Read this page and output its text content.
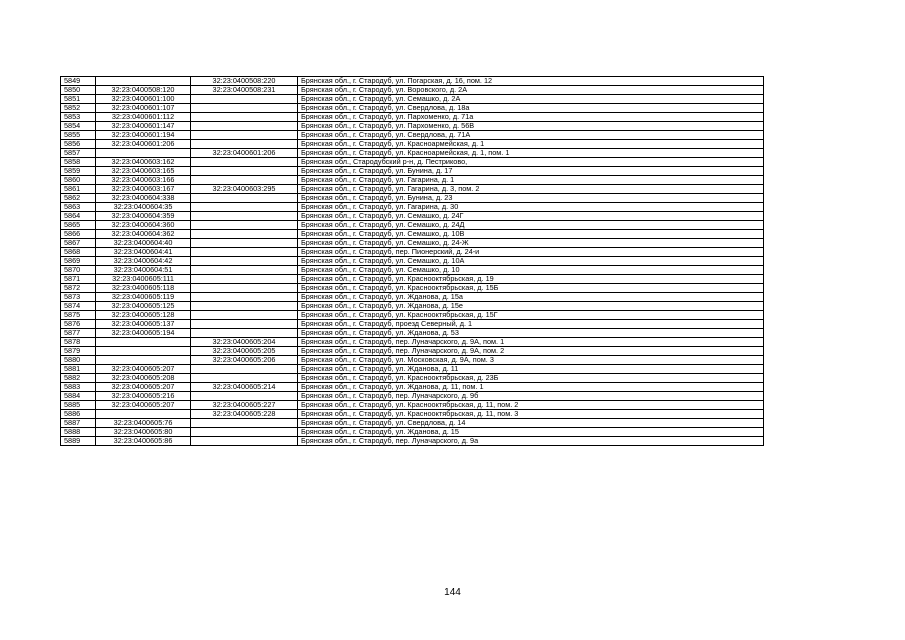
5849		32:23:0400508:220	Брянская обл., г. Стародуб, ул. Погарская, д. 16, пом. 12
5850	32:23:0400508:120	32:23:0400508:231	Брянская обл., г. Стародуб, ул. Воровского, д. 2А
5851	32:23:0400601:100		Брянская обл., г. Стародуб, ул. Семашко, д. 2А
5852	32:23:0400601:107		Брянская обл., г. Стародуб, ул. Свердлова, д. 18а
5853	32:23:0400601:112		Брянская обл., г. Стародуб, ул. Пархоменко, д. 71а
5854	32:23:0400601:147		Брянская обл., г. Стародуб, ул. Пархоменко, д. 56В
5855	32:23:0400601:194		Брянская обл., г. Стародуб, ул. Свердлова, д. 71А
5856	32:23:0400601:206		Брянская обл., г. Стародуб, ул. Красноармейская, д. 1
5857		32:23:0400601:206	Брянская обл., г. Стародуб, ул. Красноармейская, д. 1, пом. 1
5858	32:23:0400603:162		Брянская обл., Стародубский р-н, д. Пестриково,
5859	32:23:0400603:165		Брянская обл., г. Стародуб, ул. Бунина, д. 17
5860	32:23:0400603:166		Брянская обл., г. Стародуб, ул. Гагарина, д. 1
5861	32:23:0400603:167	32:23:0400603:295	Брянская обл., г. Стародуб, ул. Гагарина, д. 3, пом. 2
5862	32:23:0400604:338		Брянская обл., г. Стародуб, ул. Бунина, д. 23
5863	32:23:0400604:35		Брянская обл., г. Стародуб, ул. Гагарина, д. 30
5864	32:23:0400604:359		Брянская обл., г. Стародуб, ул. Семашко, д. 24Г
5865	32:23:0400604:360		Брянская обл., г. Стародуб, ул. Семашко, д. 24Д
5866	32:23:0400604:362		Брянская обл., г. Стародуб, ул. Семашко, д. 10В
5867	32:23:0400604:40		Брянская обл., г. Стародуб, ул. Семашко, д. 24-Ж
5868	32:23:0400604:41		Брянская обл., г. Стародуб, пер. Пионерский, д. 24-и
5869	32:23:0400604:42		Брянская обл., г. Стародуб, ул. Семашко, д. 10А
5870	32:23:0400604:51		Брянская обл., г. Стародуб, ул. Семашко, д. 10
5871	32:23:0400605:111		Брянская обл., г. Стародуб, ул. Краснооктябрьская, д. 19
5872	32:23:0400605:118		Брянская обл., г. Стародуб, ул. Краснооктябрьская, д. 15Б
5873	32:23:0400605:119		Брянская обл., г. Стародуб, ул. Жданова, д. 15а
5874	32:23:0400605:125		Брянская обл., г. Стародуб, ул. Жданова, д. 15е
5875	32:23:0400605:128		Брянская обл., г. Стародуб, ул. Краснооктябрьская, д. 15Г
5876	32:23:0400605:137		Брянская обл., г. Стародуб, проезд Северный, д. 1
5877	32:23:0400605:194		Брянская обл., г. Стародуб, ул. Жданова, д. 53
5878		32:23:0400605:204	Брянская обл., г. Стародуб, пер. Луначарского, д. 9А, пом. 1
5879		32:23:0400605:205	Брянская обл., г. Стародуб, пер. Луначарского, д. 9А, пом. 2
5880		32:23:0400605:206	Брянская обл., г. Стародуб, ул. Московская, д. 9А, пом. 3
5881	32:23:0400605:207		Брянская обл., г. Стародуб, ул. Жданова, д. 11
5882	32:23:0400605:208		Брянская обл., г. Стародуб, ул. Краснооктябрьская, д. 23Б
5883	32:23:0400605:207	32:23:0400605:214	Брянская обл., г. Стародуб, ул. Жданова, д. 11, пом. 1
5884	32:23:0400605:216		Брянская обл., г. Стародуб, пер. Луначарского, д. 9б
5885	32:23:0400605:207	32:23:0400605:227	Брянская обл., г. Стародуб, ул. Краснооктябрьская, д. 11, пом. 2
5886		32:23:0400605:228	Брянская обл., г. Стародуб, ул. Краснооктябрьская, д. 11, пом. 3
5887	32:23:0400605:76		Брянская обл., г. Стародуб, ул. Свердлова, д. 14
5888	32:23:0400605:80		Брянская обл., г. Стародуб, ул. Жданова, д. 15
5889	32:23:0400605:86		Брянская обл., г. Стародуб, пер. Луначарского, д. 9а
144
